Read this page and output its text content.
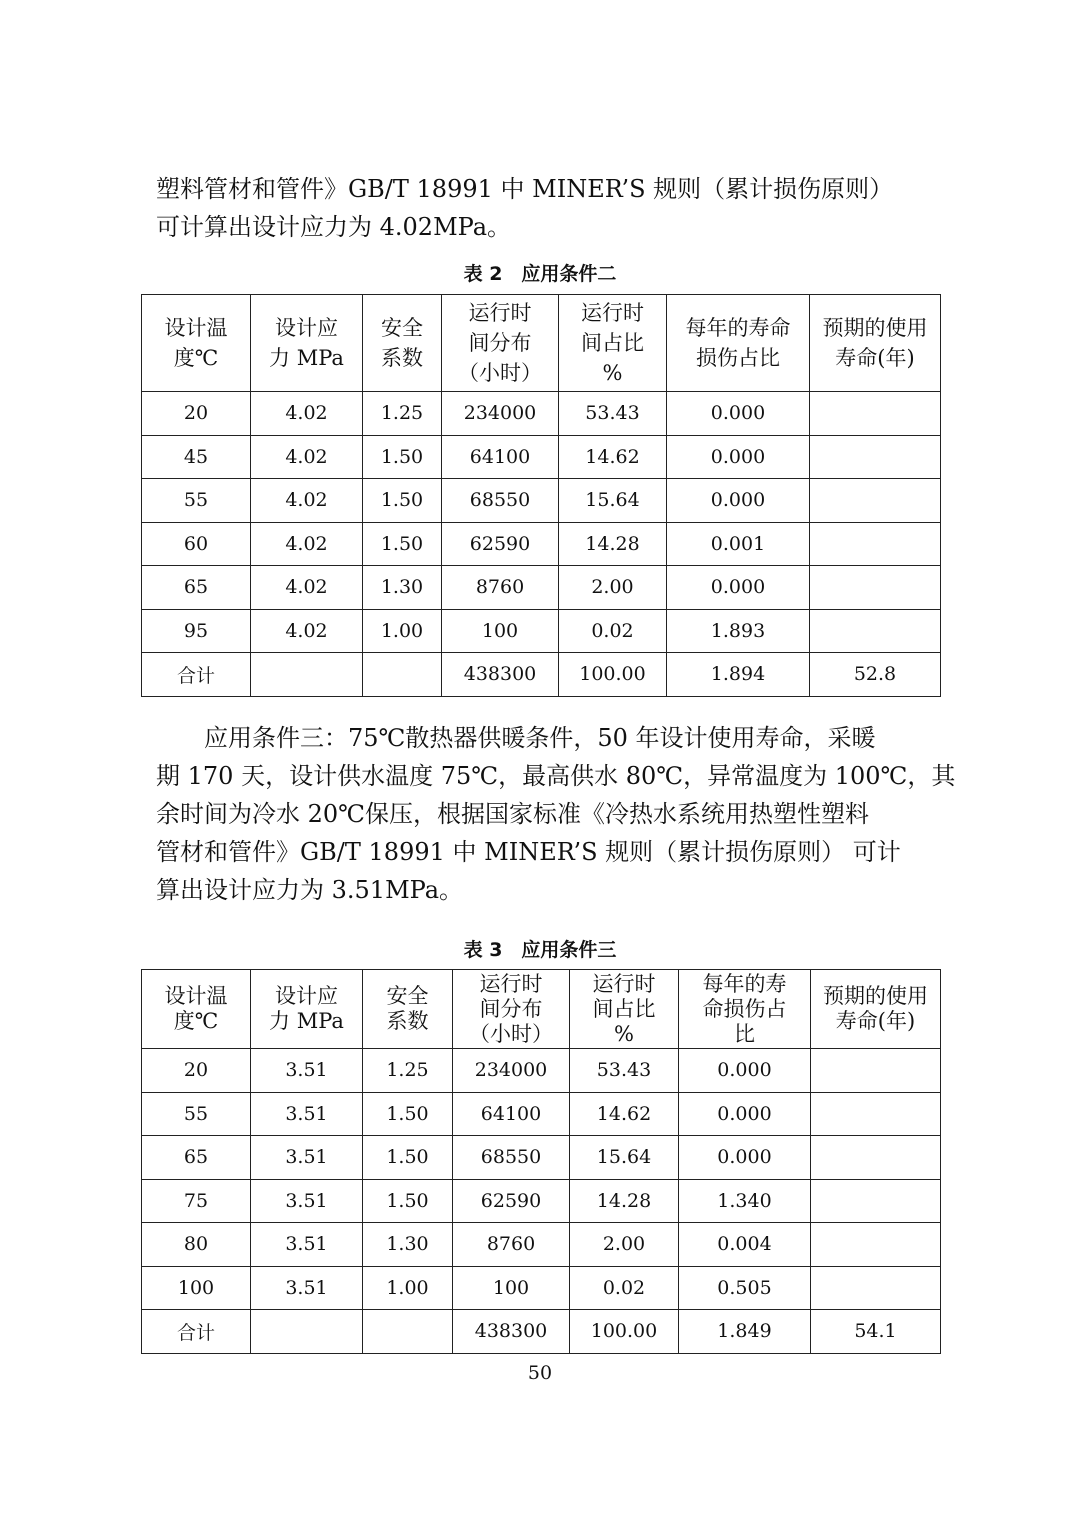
塑料管材和管件》GB/T 18991 中 MINER’S 规则（累计损伤原则）
可计算出设计应力为 4.02MPa。

表 2　应用条件二
设计温
度℃	设计应
力 MPa	安全
系数	运行时
间分布
（小时）	运行时
间占比
%	每年的寿命
损伤占比	预期的使用
寿命(年)

20	4.02	1.25	234000	53.43	0.000	
45	4.02	1.50	64100	14.62	0.000	
55	4.02	1.50	68550	15.64	0.000	
60	4.02	1.50	62590	14.28	0.001	
65	4.02	1.30	8760	2.00	0.000	
95	4.02	1.00	100	0.02	1.893	
合计			438300	100.00	1.894	52.8

　　应用条件三：75℃散热器供暖条件，50 年设计使用寿命，采暖
期 170 天，设计供水温度 75℃，最高供水 80℃，异常温度为 100℃，其
余时间为冷水 20℃保压，根据国家标准《冷热水系统用热塑性塑料
管材和管件》GB/T 18991 中 MINER’S 规则（累计损伤原则） 可计
算出设计应力为 3.51MPa。

表 3　应用条件三
设计温
度℃	设计应
力 MPa	安全
系数	运行时
间分布
（小时）	运行时
间占比
%	每年的寿
命损伤占
比	预期的使用
寿命(年)

20	3.51	1.25	234000	53.43	0.000	
55	3.51	1.50	64100	14.62	0.000	
65	3.51	1.50	68550	15.64	0.000	
75	3.51	1.50	62590	14.28	1.340	
80	3.51	1.30	8760	2.00	0.004	
100	3.51	1.00	100	0.02	0.505	
合计			438300	100.00	1.849	54.1
50
